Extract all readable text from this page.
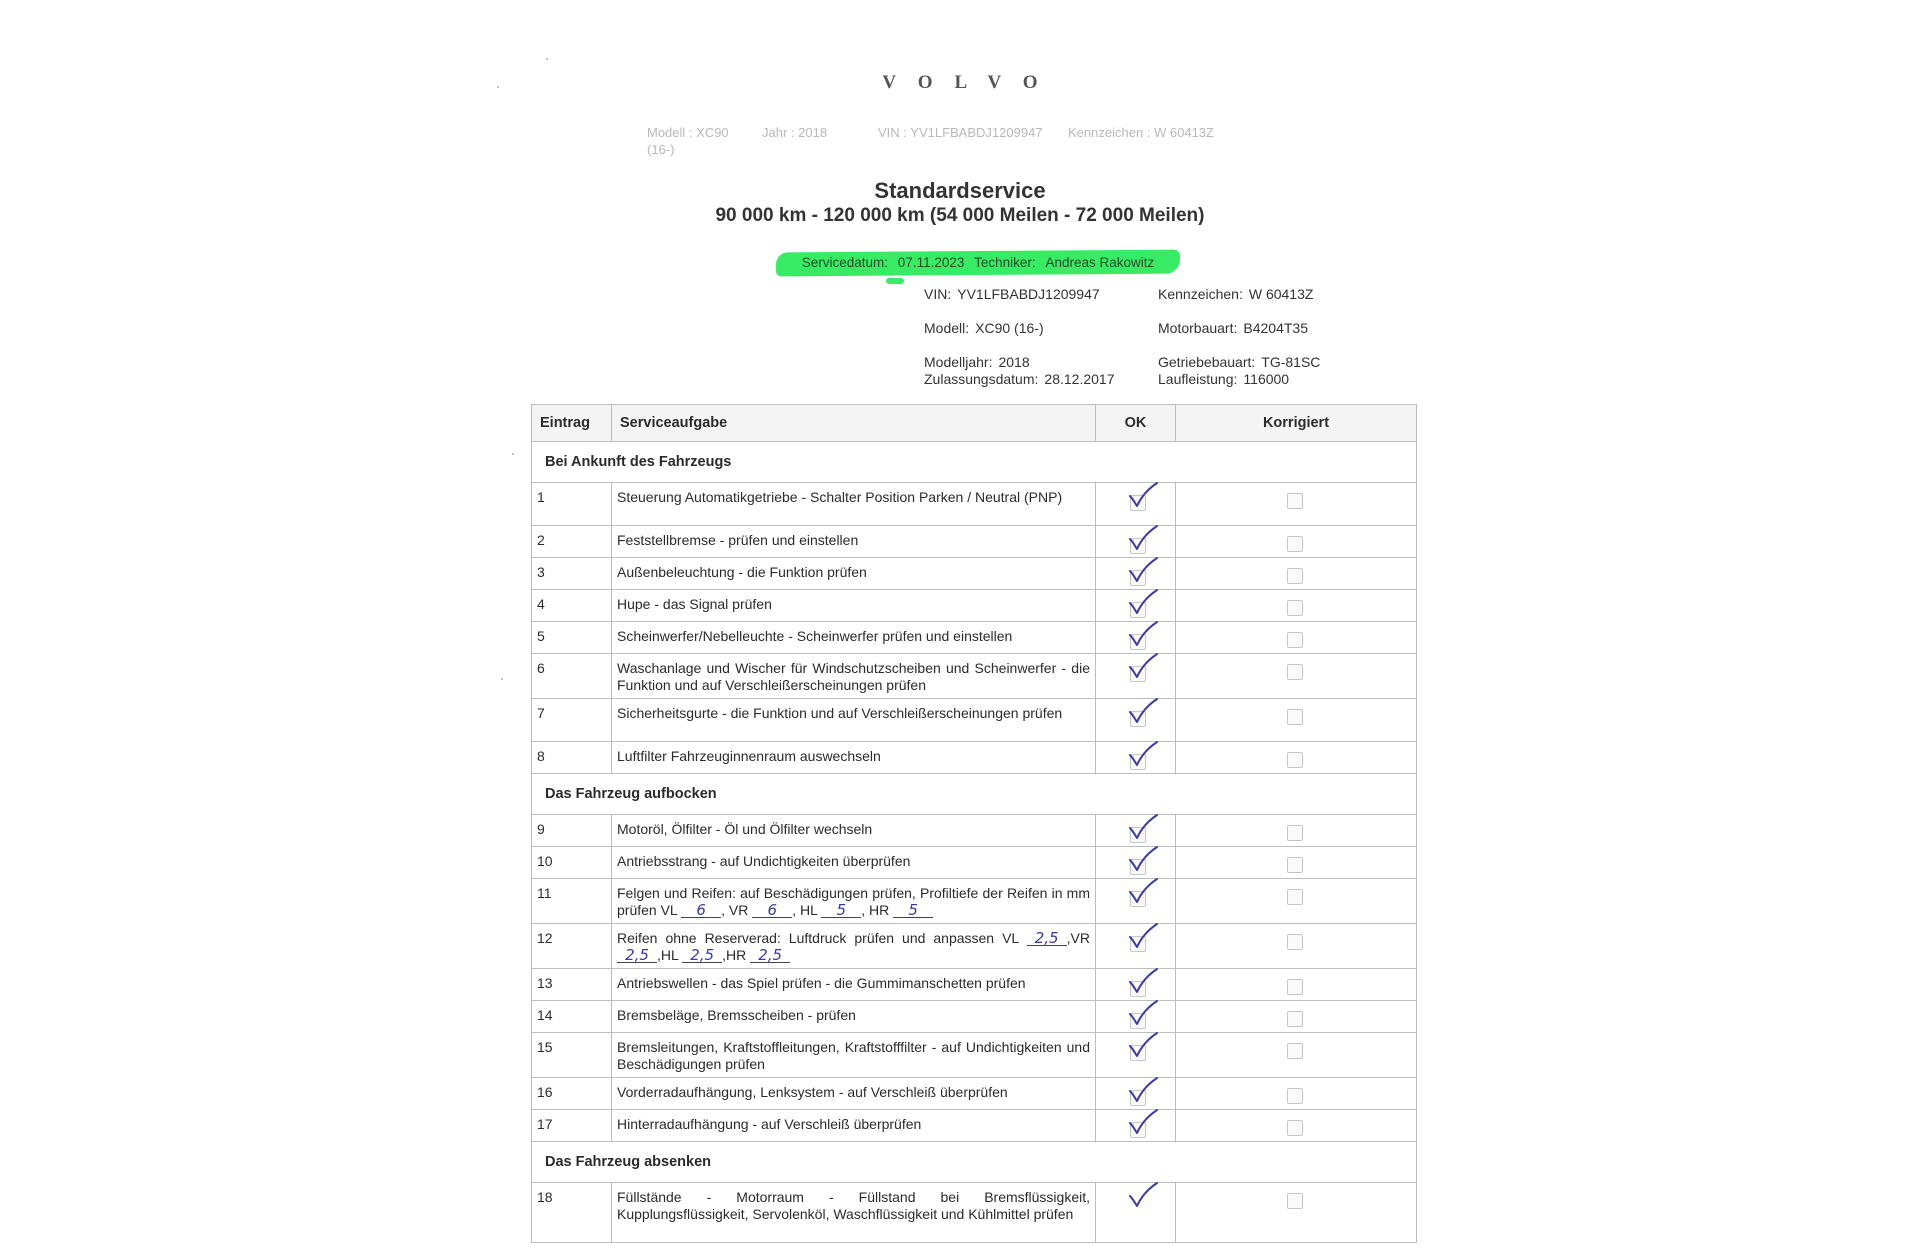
VOLVO
Modell : XC90
(16-)
Jahr : 2018	VIN : YV1LFBABDJ1209947 Kennzeichen : W 60413Z
Standardservice
90 000 km - 120 000 km (54 000 Meilen - 72 000 Meilen)
Servicedatum: 07.11.2023 Techniker: Andreas Rakowitz
VIN: YV1LFBABDJ1209947	Kennzeichen: W 60413Z
Modell: XC90 (16-)	Motorbauart: B4204T35
Modelljahr: 2018	Getriebebauart: TG-81SC
Zulassungsdatum: 28.12.2017	Laufleistung: 116000
Eintrag	Serviceaufgabe	OK	Korrigiert
Bei Ankunft des Fahrzeugs			
1	Steuerung Automatikgetriebe - Schalter Position Parken / Neutral (PNP)	

2	Feststellbremse - prüfen und einstellen	

3	Außenbeleuchtung - die Funktion prüfen	

4	Hupe - das Signal prüfen	

5	Scheinwerfer/Nebelleuchte - Scheinwerfer prüfen und einstellen	

6	Waschanlage und Wischer für Windschutzscheiben und Scheinwerfer - die Funktion und auf Verschleißerscheinungen prüfen	

7	Sicherheitsgurte - die Funktion und auf Verschleißerscheinungen prüfen	

8	Luftfilter Fahrzeuginnenraum auswechseln	

Das Fahrzeug aufbocken			
9	Motoröl, Ölfilter - Öl und Ölfilter wechseln	

10	Antriebsstrang - auf Undichtigkeiten überprüfen	

11	Felgen und Reifen: auf Beschädigungen prüfen, Profiltiefe der Reifen in mm prüfen VL 6 , VR 6 , HL 5 , HR 5	

12	Reifen ohne Reserverad: Luftdruck prüfen und anpassen VL 2,5 ,VR 2,5 ,HL 2,5 ,HR 2,5	

13	Antriebswellen - das Spiel prüfen - die Gummimanschetten prüfen	

14	Bremsbeläge, Bremsscheiben - prüfen	

15	Bremsleitungen, Kraftstoffleitungen, Kraftstofffilter - auf Undichtigkeiten und Beschädigungen prüfen	

16	Vorderradaufhängung, Lenksystem - auf Verschleiß überprüfen	

17	Hinterradaufhängung - auf Verschleiß überprüfen	

Das Fahrzeug absenken			
18	Füllstände - Motorraum - Füllstand bei Bremsflüssigkeit, Kupplungsflüssigkeit, Servolenköl, Waschflüssigkeit und Kühlmittel prüfen	
